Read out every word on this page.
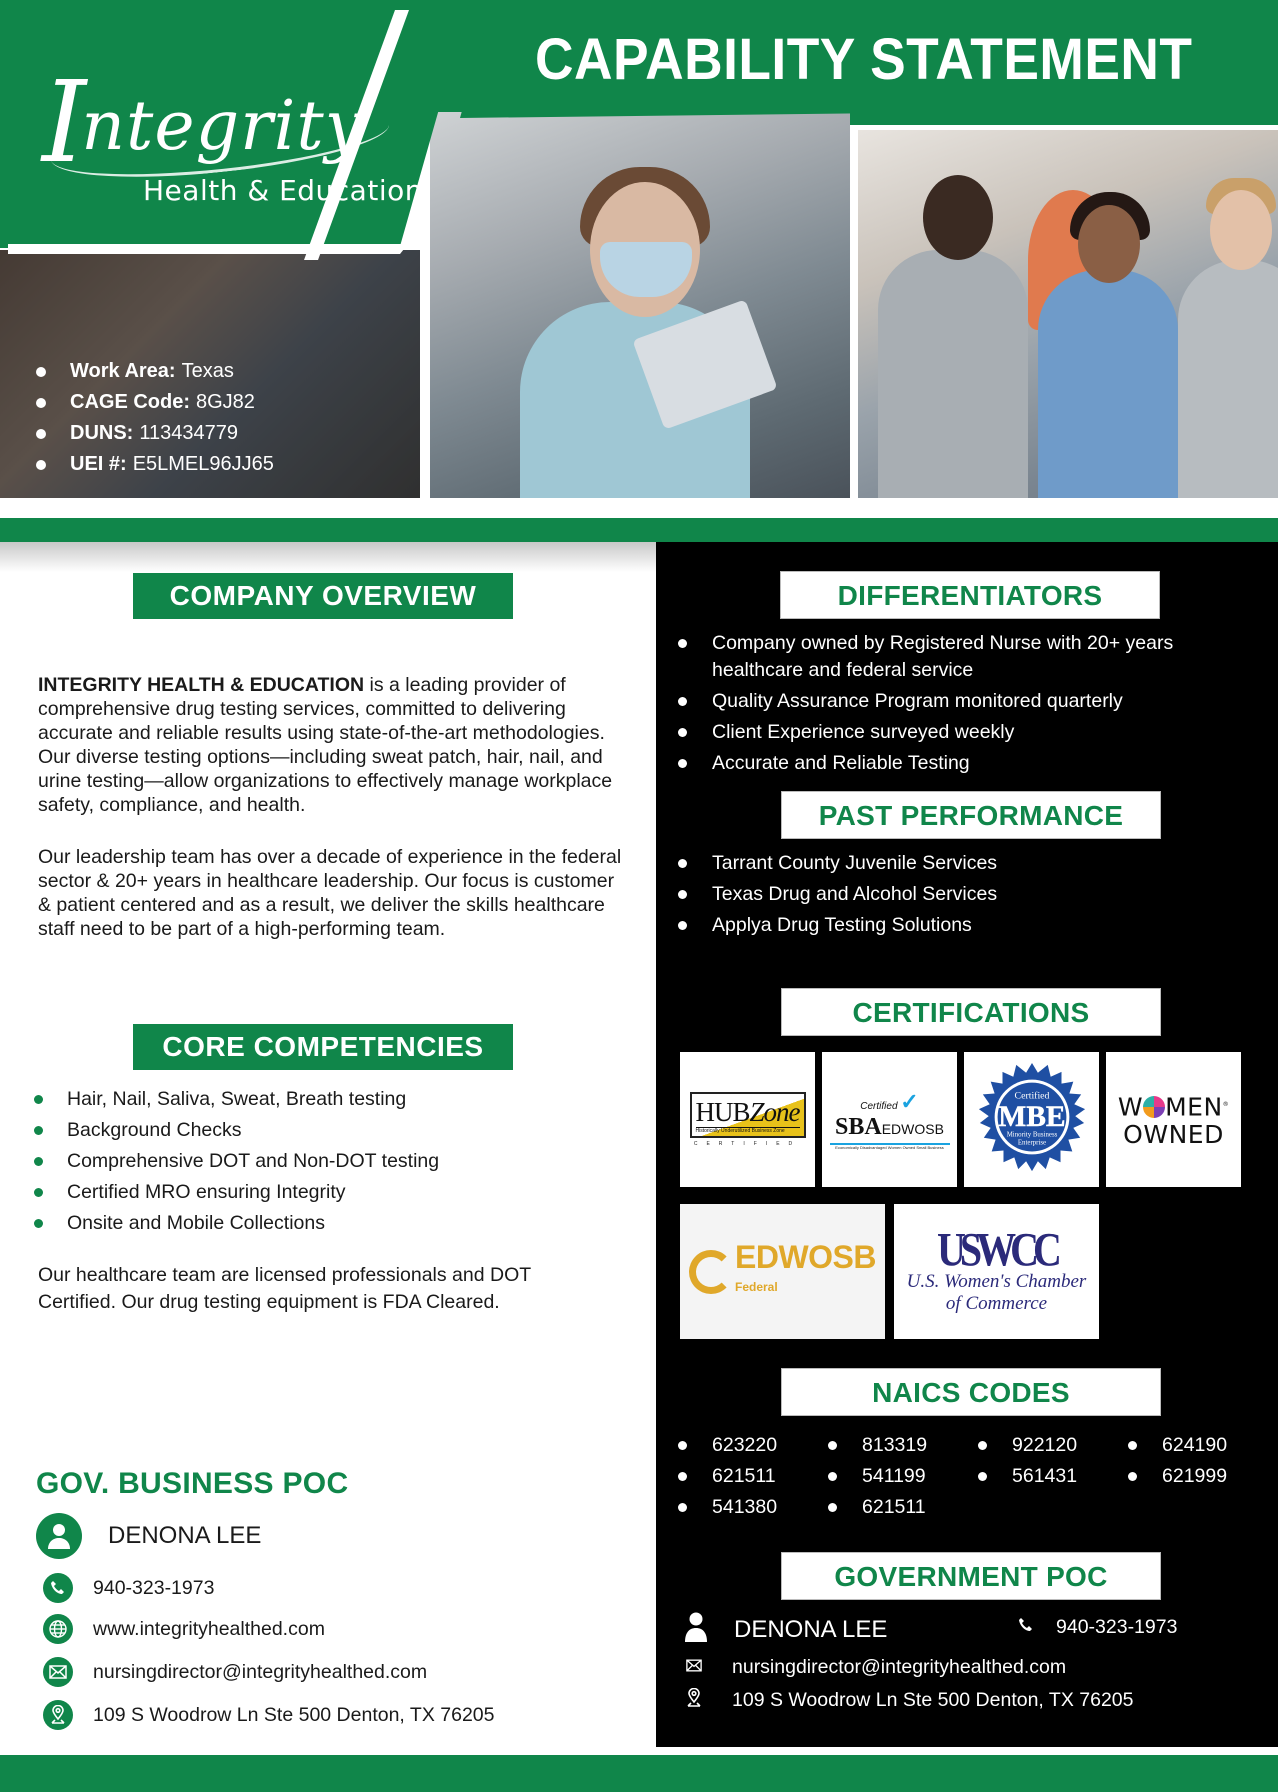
CAPABILITY STATEMENT
Integrity
Health & Education
Work Area: Texas
CAGE Code: 8GJ82
DUNS: 113434779
UEI #: E5LMEL96JJ65
COMPANY OVERVIEW

INTEGRITY HEALTH & EDUCATION is a leading provider of comprehensive drug testing services, committed to delivering accurate and reliable results using state-of-the-art methodologies. Our diverse testing options—including sweat patch, hair, nail, and urine testing—allow organizations to effectively manage workplace safety, compliance, and health.

Our leadership team has over a decade of experience in the federal sector & 20+ years in healthcare leadership. Our focus is customer & patient centered and as a result, we deliver the skills healthcare staff need to be part of a high-performing team.

CORE COMPETENCIES
Hair, Nail, Saliva, Sweat, Breath testing
Background Checks
Comprehensive DOT and Non-DOT testing
Certified MRO ensuring Integrity
Onsite and Mobile Collections
Our healthcare team are licensed professionals and DOT Certified. Our drug testing equipment is FDA Cleared.
GOV. BUSINESS POC
DENONA LEE
940-323-1973
www.integrityhealthed.com
nursingdirector@integrityhealthed.com
109 S Woodrow Ln Ste 500 Denton, TX 76205
DIFFERENTIATORS
Company owned by Registered Nurse with 20+ years healthcare and federal service
Quality Assurance Program monitored quarterly
Client Experience surveyed weekly
Accurate and Reliable Testing
PAST PERFORMANCE
Tarrant County Juvenile Services
Texas Drug and Alcohol Services
Applya Drug Testing Solutions
CERTIFICATIONS
HUBZone
Historically Underutilized Business Zone
CERTIFIED
Certified ✓
SBAEDWOSB
Economically Disadvantaged Women Owned Small Business
Certified
MBE
Minority Business
Enterprise
W MEN®
OWNED
EDWOSB
Federal
USWCC
U.S. Women's Chamber
of Commerce
NAICS CODES
623220	813319	922120	624190
621511	541199	561431	621999
541380	621511
GOVERNMENT POC
DENONA LEE	940-323-1973
nursingdirector@integrityhealthed.com
109 S Woodrow Ln Ste 500 Denton, TX 76205
